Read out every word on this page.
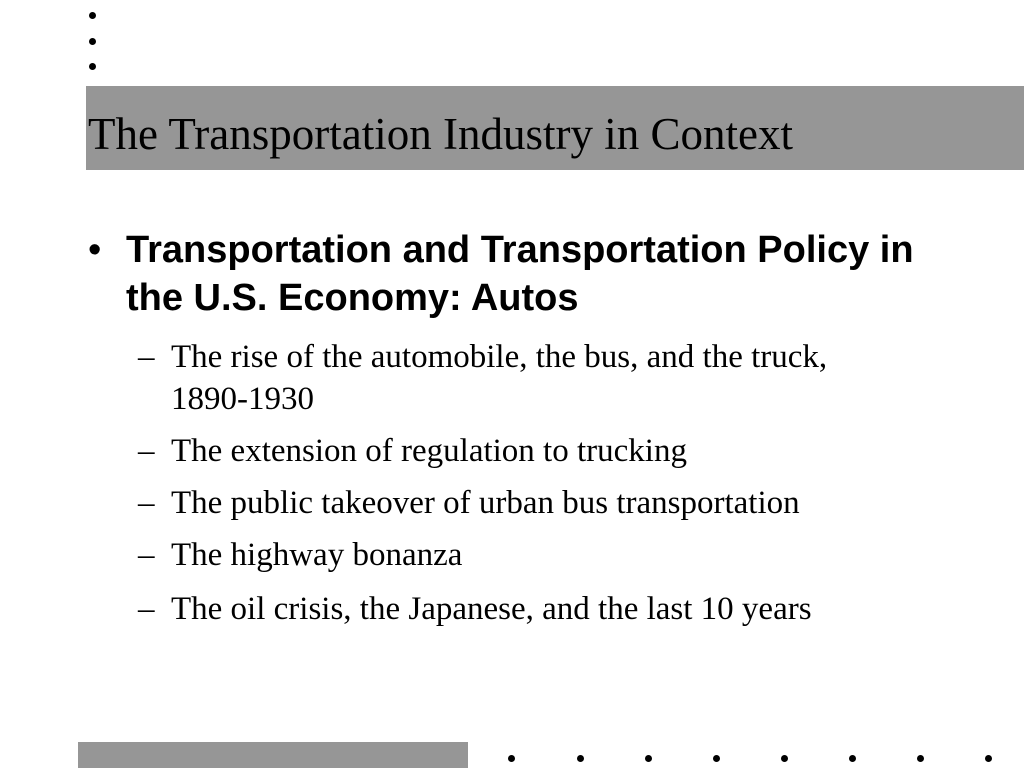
The Transportation Industry in Context
• Transportation and Transportation Policy in the U.S. Economy: Autos

– The rise of the automobile, the bus, and the truck, 1890-1930
– The extension of regulation to trucking
– The public takeover of urban bus transportation
– The highway bonanza
– The oil crisis, the Japanese, and the last 10 years
